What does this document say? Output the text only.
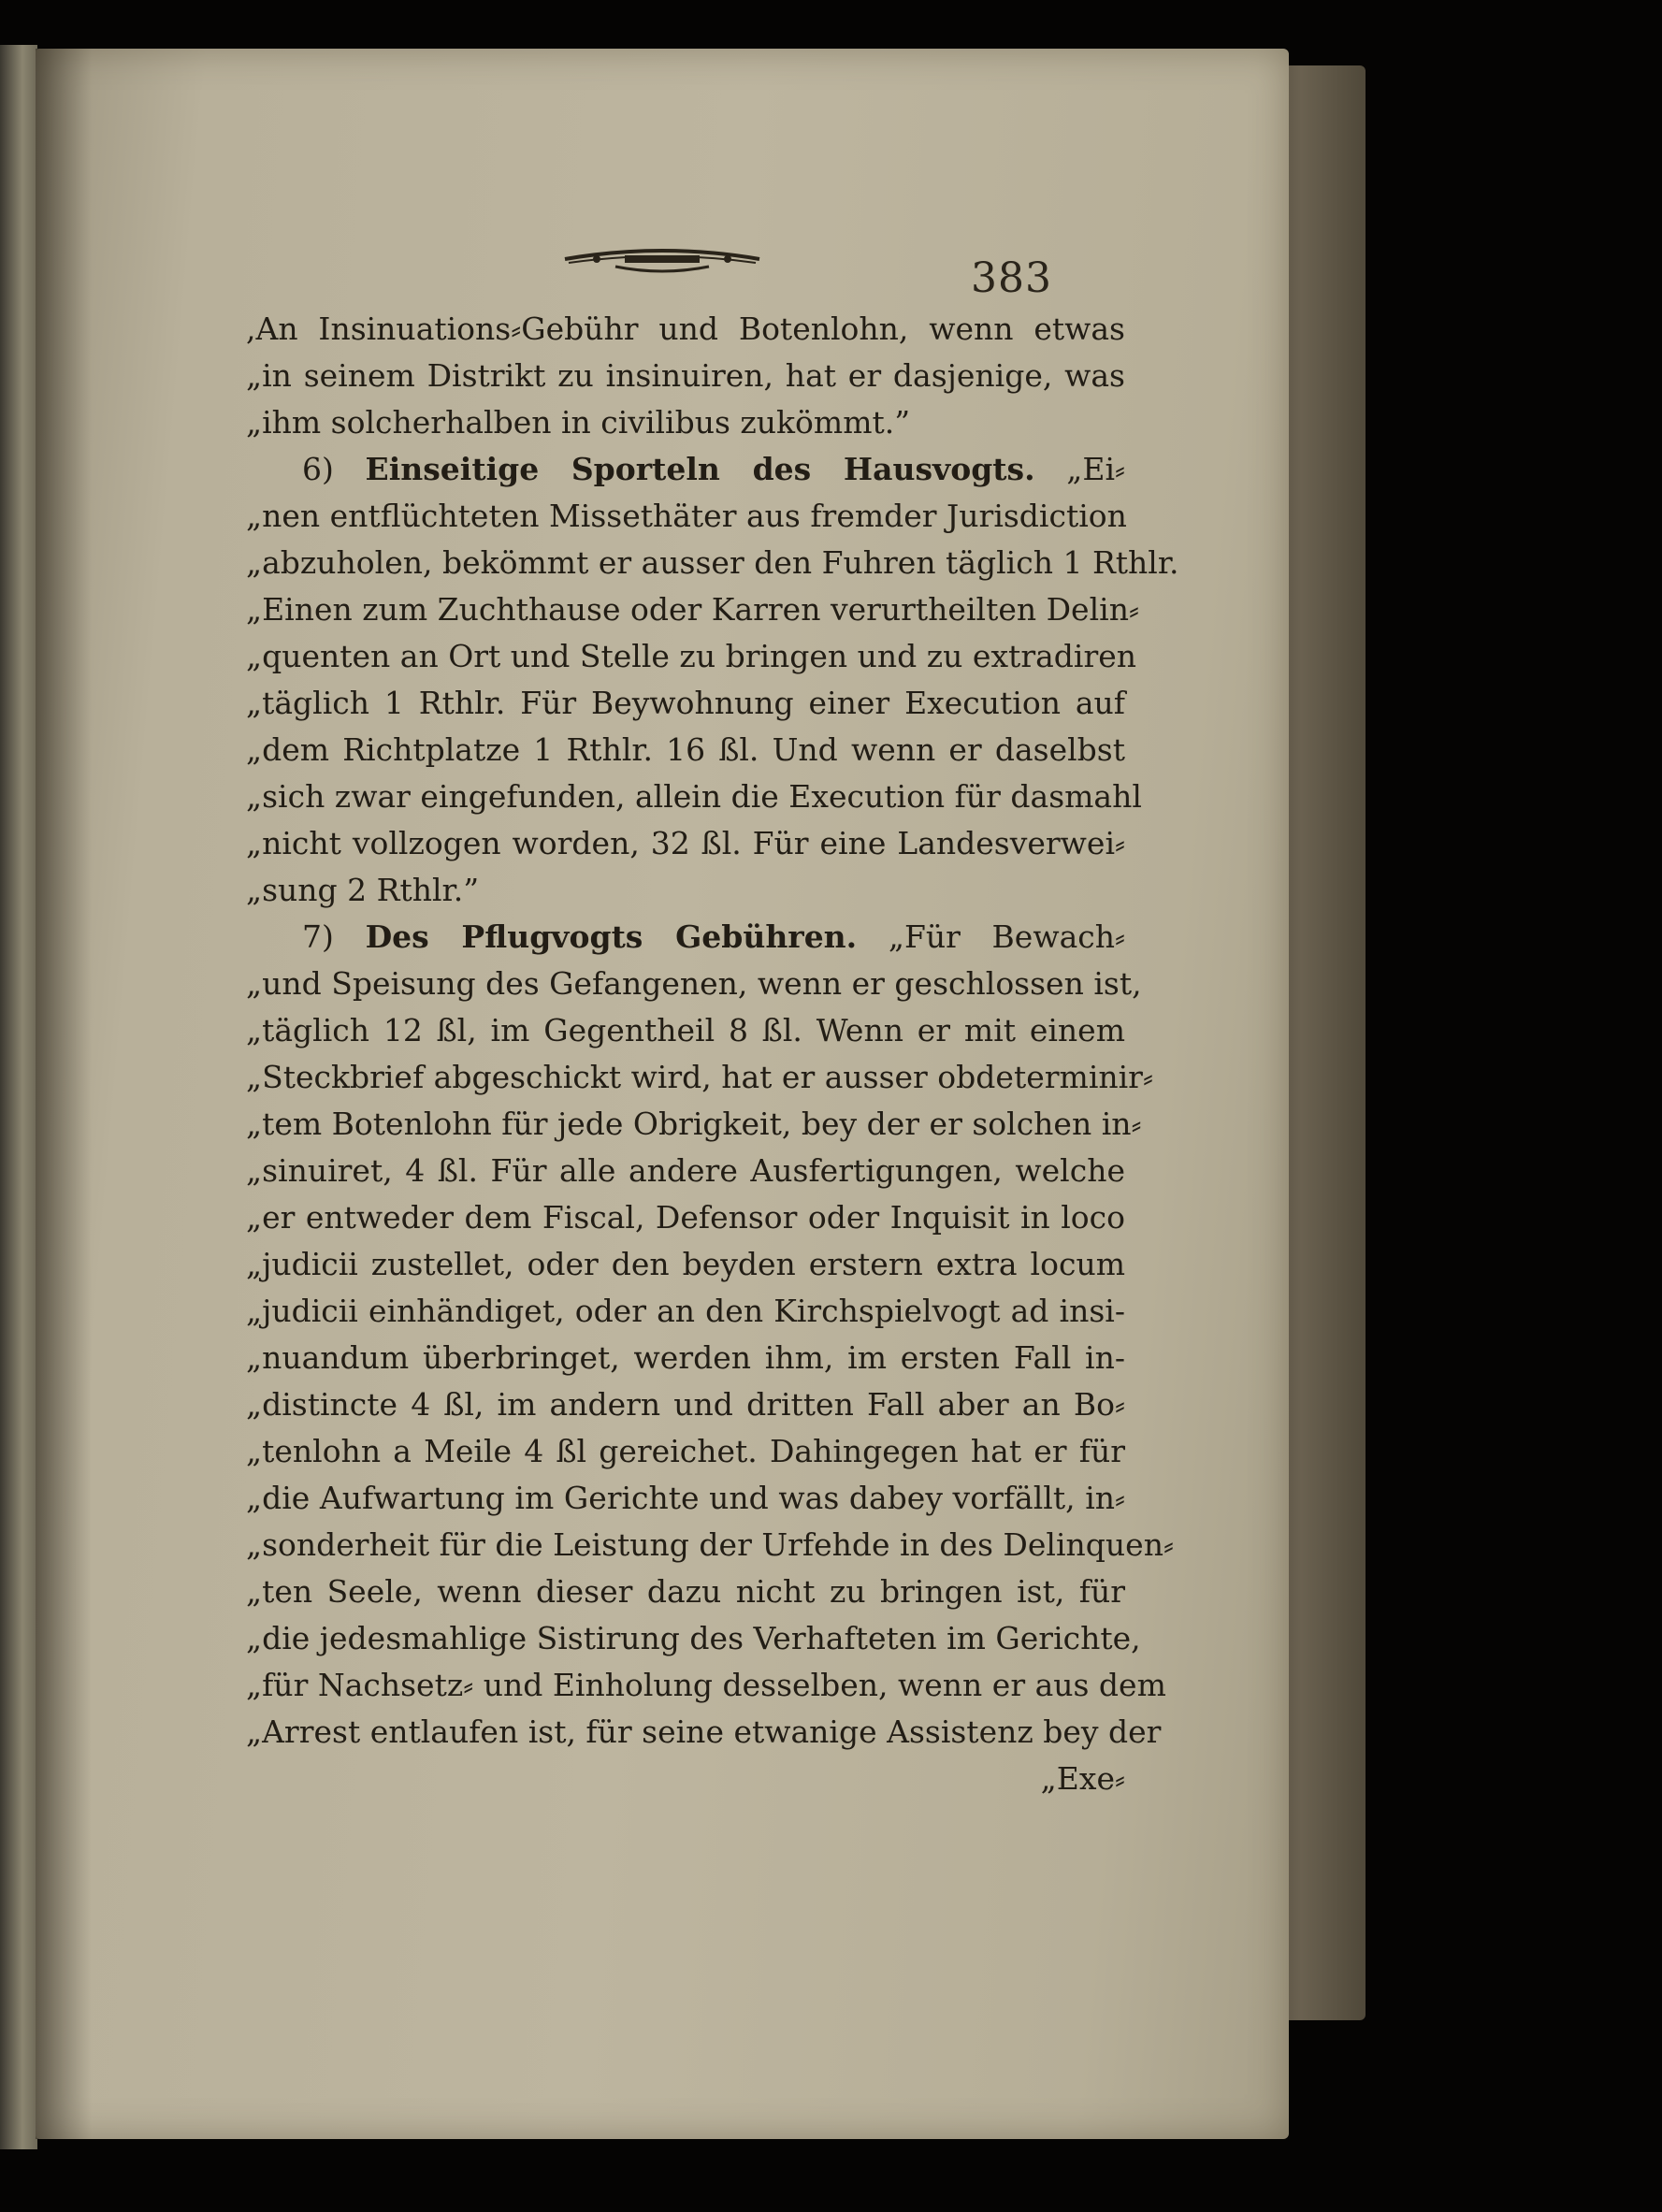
383
,An Insinuations⸗Gebühr und Botenlohn, wenn etwas
„in seinem Distrikt zu insinuiren, hat er dasjenige, was
„ihm solcherhalben in civilibus zukömmt.”
6) Einseitige Sporteln des Hausvogts. „Ei⸗
„nen entflüchteten Missethäter aus fremder Jurisdiction
„abzuholen, bekömmt er ausser den Fuhren täglich 1 Rthlr.
„Einen zum Zuchthause oder Karren verurtheilten Delin⸗
„quenten an Ort und Stelle zu bringen und zu extradiren
„täglich 1 Rthlr. Für Beywohnung einer Execution auf
„dem Richtplatze 1 Rthlr. 16 ßl. Und wenn er daselbst
„sich zwar eingefunden, allein die Execution für dasmahl
„nicht vollzogen worden, 32 ßl. Für eine Landesverwei⸗
„sung 2 Rthlr.”
7) Des Pflugvogts Gebühren. „Für Bewach⸗
„und Speisung des Gefangenen, wenn er geschlossen ist,
„täglich 12 ßl, im Gegentheil 8 ßl. Wenn er mit einem
„Steckbrief abgeschickt wird, hat er ausser obdeterminir⸗
„tem Botenlohn für jede Obrigkeit, bey der er solchen in⸗
„sinuiret, 4 ßl. Für alle andere Ausfertigungen, welche
„er entweder dem Fiscal, Defensor oder Inquisit in loco
„judicii zustellet, oder den beyden erstern extra locum
„judicii einhändiget, oder an den Kirchspielvogt ad insi-
„nuandum überbringet, werden ihm, im ersten Fall in-
„distincte 4 ßl, im andern und dritten Fall aber an Bo⸗
„tenlohn a Meile 4 ßl gereichet. Dahingegen hat er für
„die Aufwartung im Gerichte und was dabey vorfällt, in⸗
„sonderheit für die Leistung der Urfehde in des Delinquen⸗
„ten Seele, wenn dieser dazu nicht zu bringen ist, für
„die jedesmahlige Sistirung des Verhafteten im Gerichte,
„für Nachsetz⸗ und Einholung desselben, wenn er aus dem
„Arrest entlaufen ist, für seine etwanige Assistenz bey der
„Exe⸗
